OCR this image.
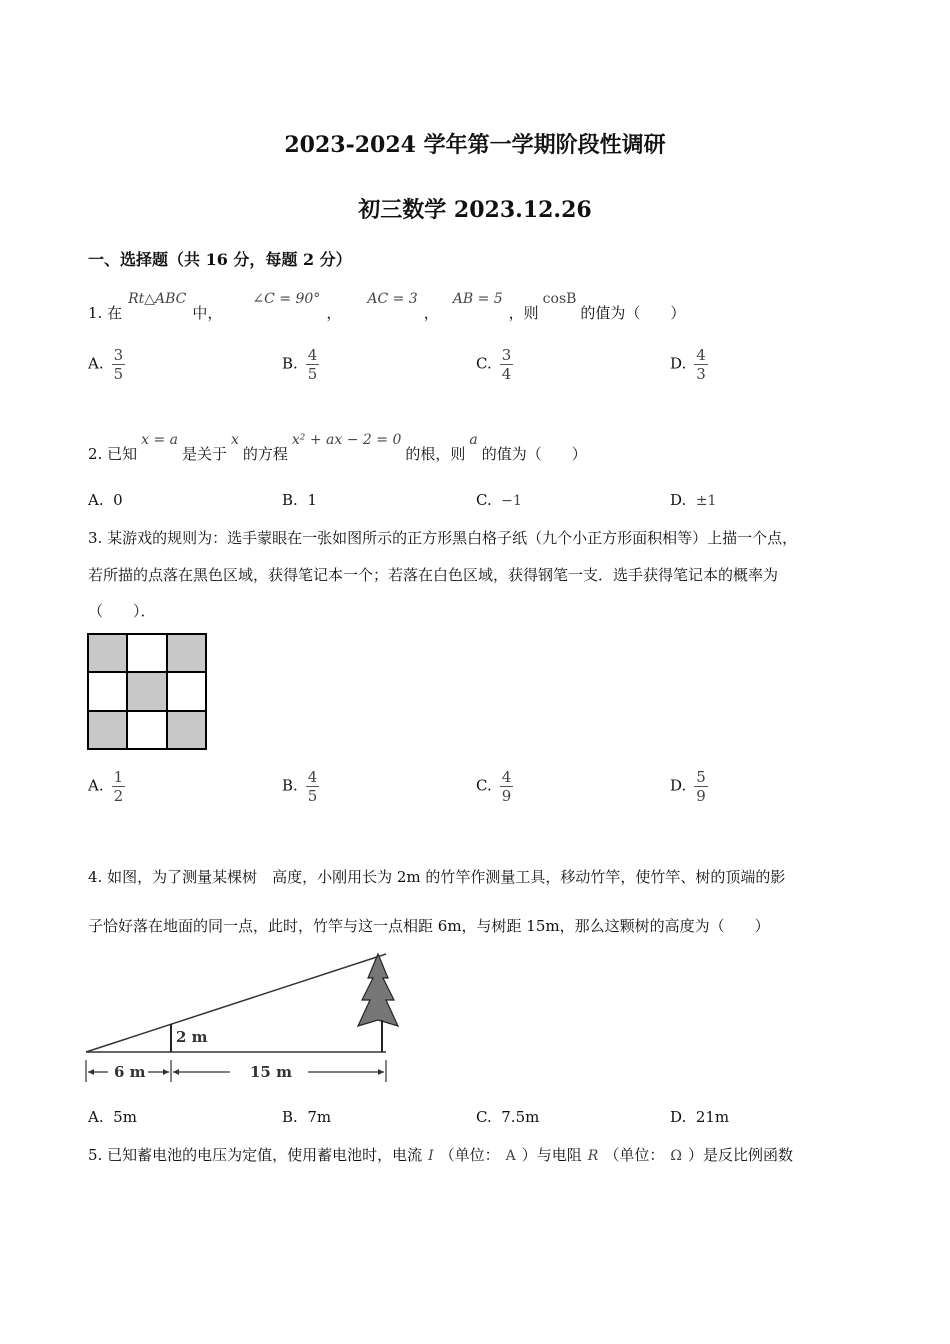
2023-2024 学年第一学期阶段性调研
初三数学 2023.12.26
一、选择题（共 16 分，每题 2 分）
1. 在Rt△ABC中，∠C = 90°，AC = 3，AB = 5，则cosB的值为（　　）
A. $\frac{3}{5}$	B. $\frac{4}{5}$	C. $\frac{3}{4}$	D. $\frac{4}{3}$
2. 已知x = a是关于x的方程x² + ax − 2 = 0的根，则a的值为（　　）
A. 0	B. 1	C. −1	D. ±1
3. 某游戏的规则为：选手蒙眼在一张如图所示的正方形黑白格子纸（九个小正方形面积相等）上描一个点，
若所描的点落在黑色区域，获得笔记本一个；若落在白色区域，获得钢笔一支．选手获得笔记本的概率为
（　　）．
A. $\frac{1}{2}$	B. $\frac{4}{5}$	C. $\frac{4}{9}$	D. $\frac{5}{9}$
4. 如图，为了测量某棵树　高度，小刚用长为 2m 的竹竿作测量工具，移动竹竿，使竹竿、树的顶端的影
子恰好落在地面的同一点，此时，竹竿与这一点相距 6m，与树距 15m，那么这颗树的高度为（　　）
2 m
6 m	15 m
A. 5m	B. 7m	C. 7.5m	D. 21m
5. 已知蓄电池的电压为定值，使用蓄电池时，电流 I （单位： A ）与电阻 R （单位： Ω ）是反比例函数
